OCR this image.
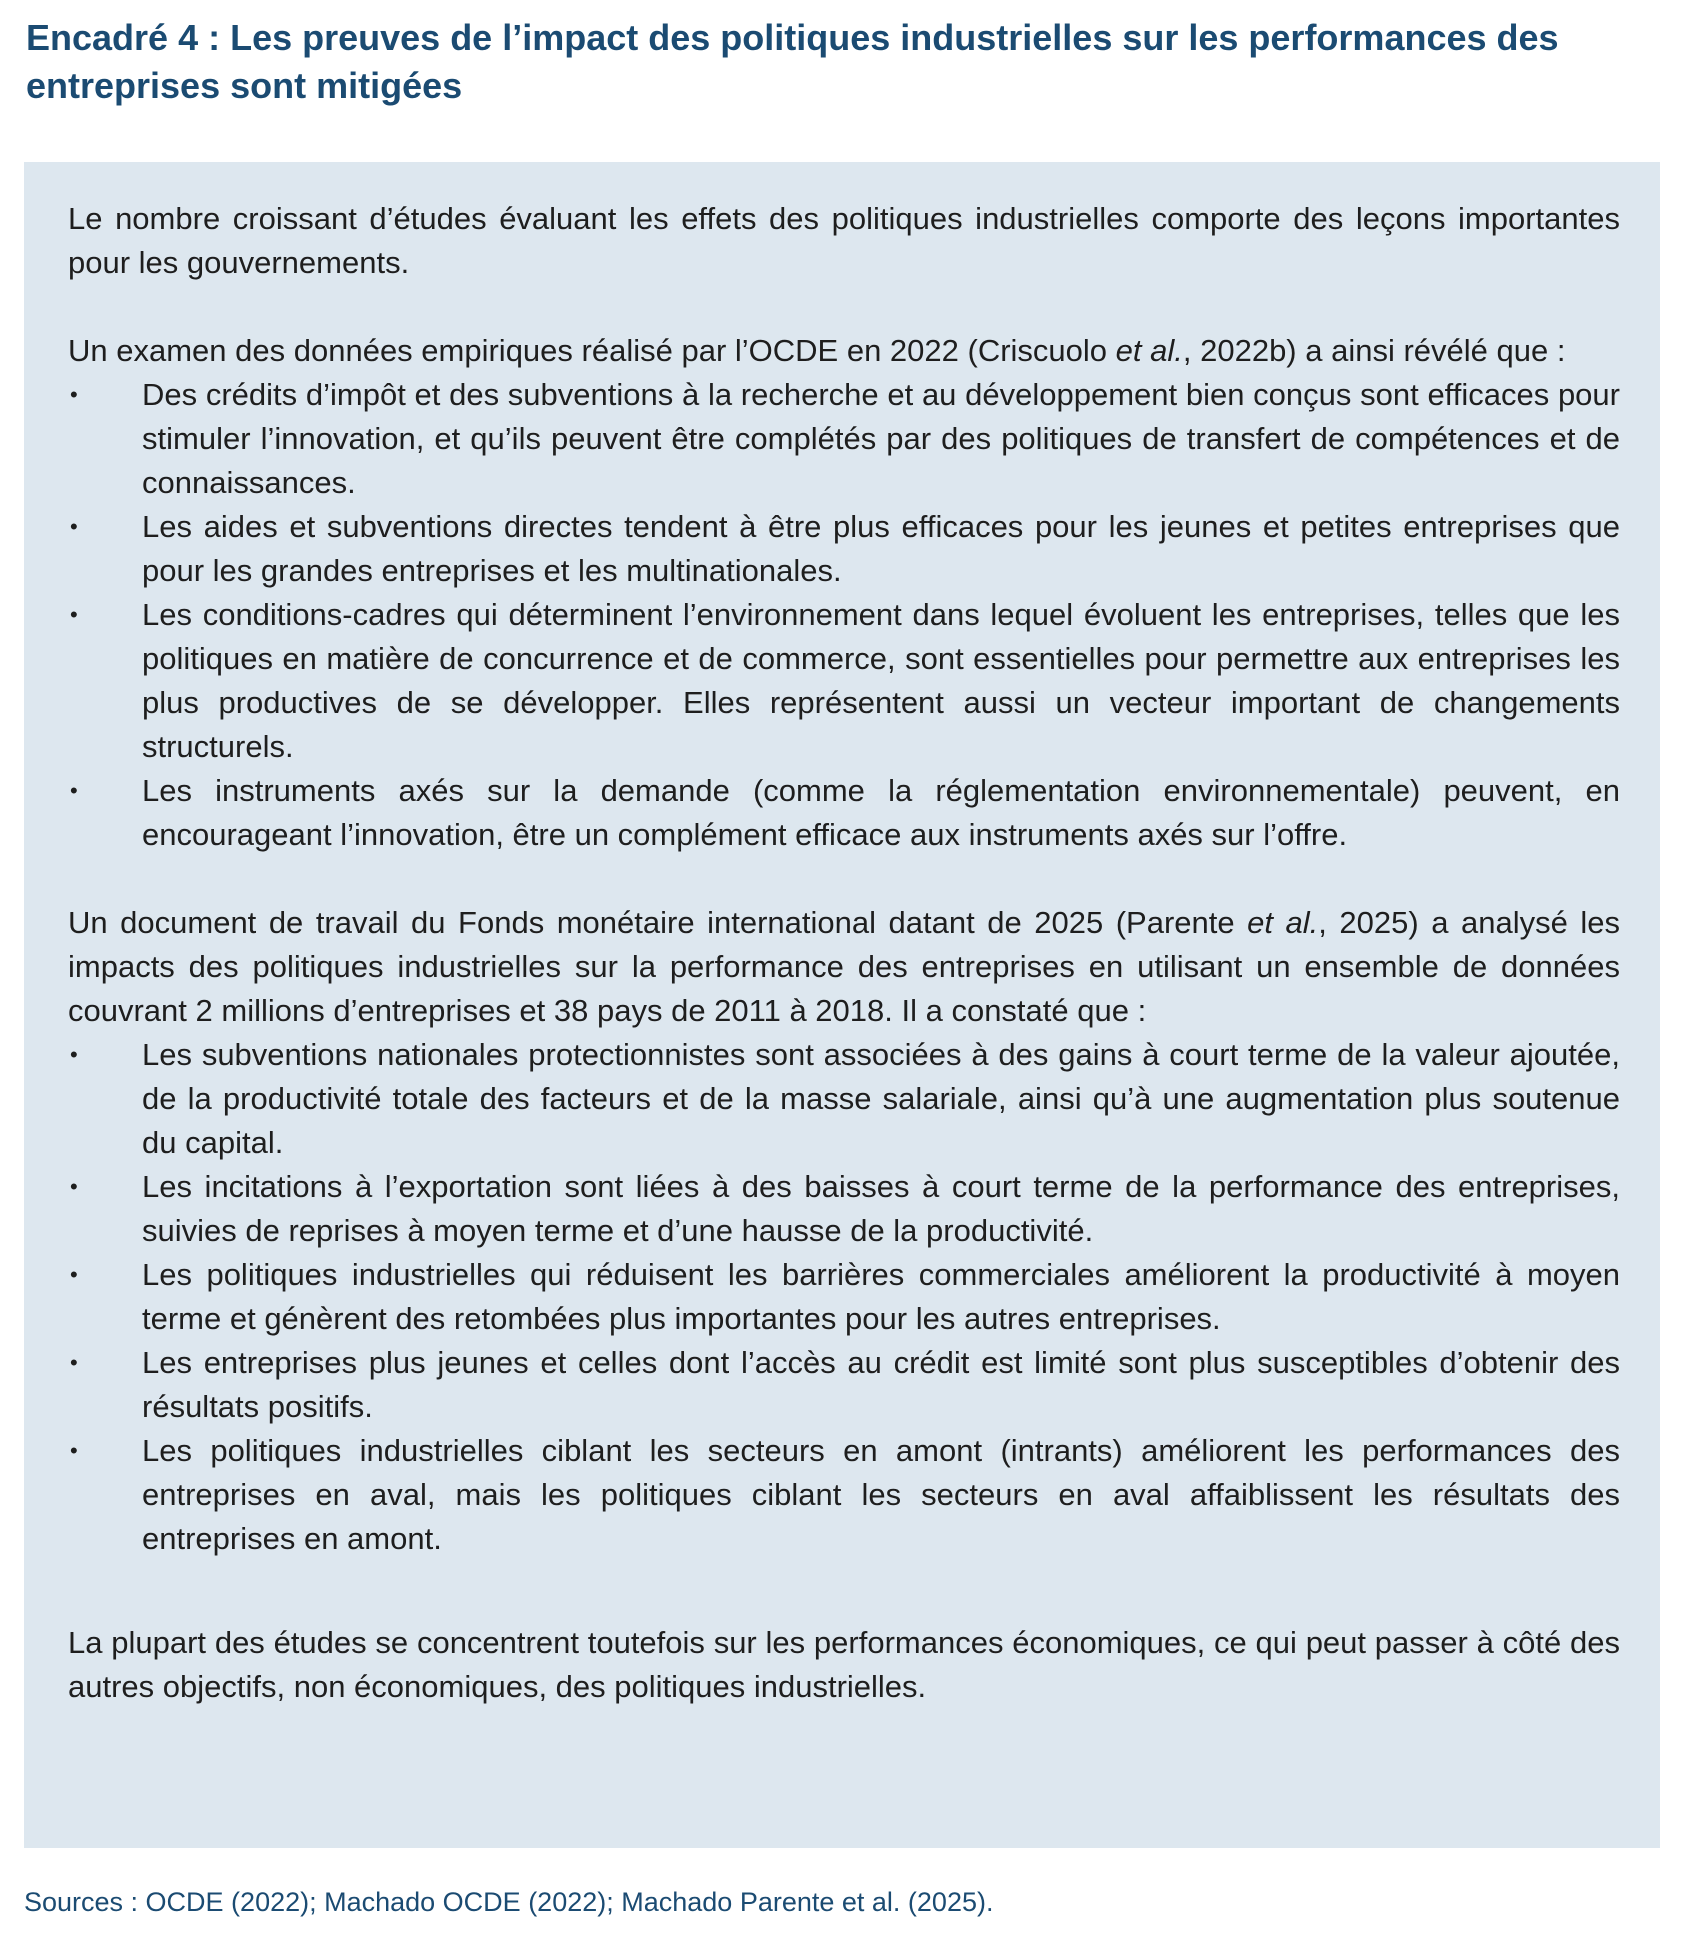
Encadré 4 : Les preuves de l’impact des politiques industrielles sur les performances des entreprises sont mitigées

Le nombre croissant d’études évaluant les effets des politiques industrielles comporte des leçons importantes pour les gouvernements.

Un examen des données empiriques réalisé par l’OCDE en 2022 (Criscuolo et al., 2022b) a ainsi révélé que :

• Des crédits d’impôt et des subventions à la recherche et au développement bien conçus sont efficaces pour stimuler l’innovation, et qu’ils peuvent être complétés par des politiques de transfert de compétences et de connaissances.
• Les aides et subventions directes tendent à être plus efficaces pour les jeunes et petites entreprises que pour les grandes entreprises et les multinationales.
• Les conditions-cadres qui déterminent l’environnement dans lequel évoluent les entreprises, telles que les politiques en matière de concurrence et de commerce, sont essentielles pour permettre aux entreprises les plus productives de se développer. Elles représentent aussi un vecteur important de changements structurels.
• Les instruments axés sur la demande (comme la réglementation environnementale) peuvent, en encourageant l’innovation, être un complément efficace aux instruments axés sur l’offre.

Un document de travail du Fonds monétaire international datant de 2025 (Parente et al., 2025) a analysé les impacts des politiques industrielles sur la performance des entreprises en utilisant un ensemble de données couvrant 2 millions d’entreprises et 38 pays de 2011 à 2018. Il a constaté que :

• Les subventions nationales protectionnistes sont associées à des gains à court terme de la valeur ajoutée, de la productivité totale des facteurs et de la masse salariale, ainsi qu’à une augmentation plus soutenue du capital.
• Les incitations à l’exportation sont liées à des baisses à court terme de la performance des entreprises, suivies de reprises à moyen terme et d’une hausse de la productivité.
• Les politiques industrielles qui réduisent les barrières commerciales améliorent la productivité à moyen terme et génèrent des retombées plus importantes pour les autres entreprises.
• Les entreprises plus jeunes et celles dont l’accès au crédit est limité sont plus susceptibles d’obtenir des résultats positifs.
• Les politiques industrielles ciblant les secteurs en amont (intrants) améliorent les performances des entreprises en aval, mais les politiques ciblant les secteurs en aval affaiblissent les résultats des entreprises en amont.

La plupart des études se concentrent toutefois sur les performances économiques, ce qui peut passer à côté des autres objectifs, non économiques, des politiques industrielles.

Sources : OCDE (2022); Machado OCDE (2022); Machado Parente et al. (2025).
